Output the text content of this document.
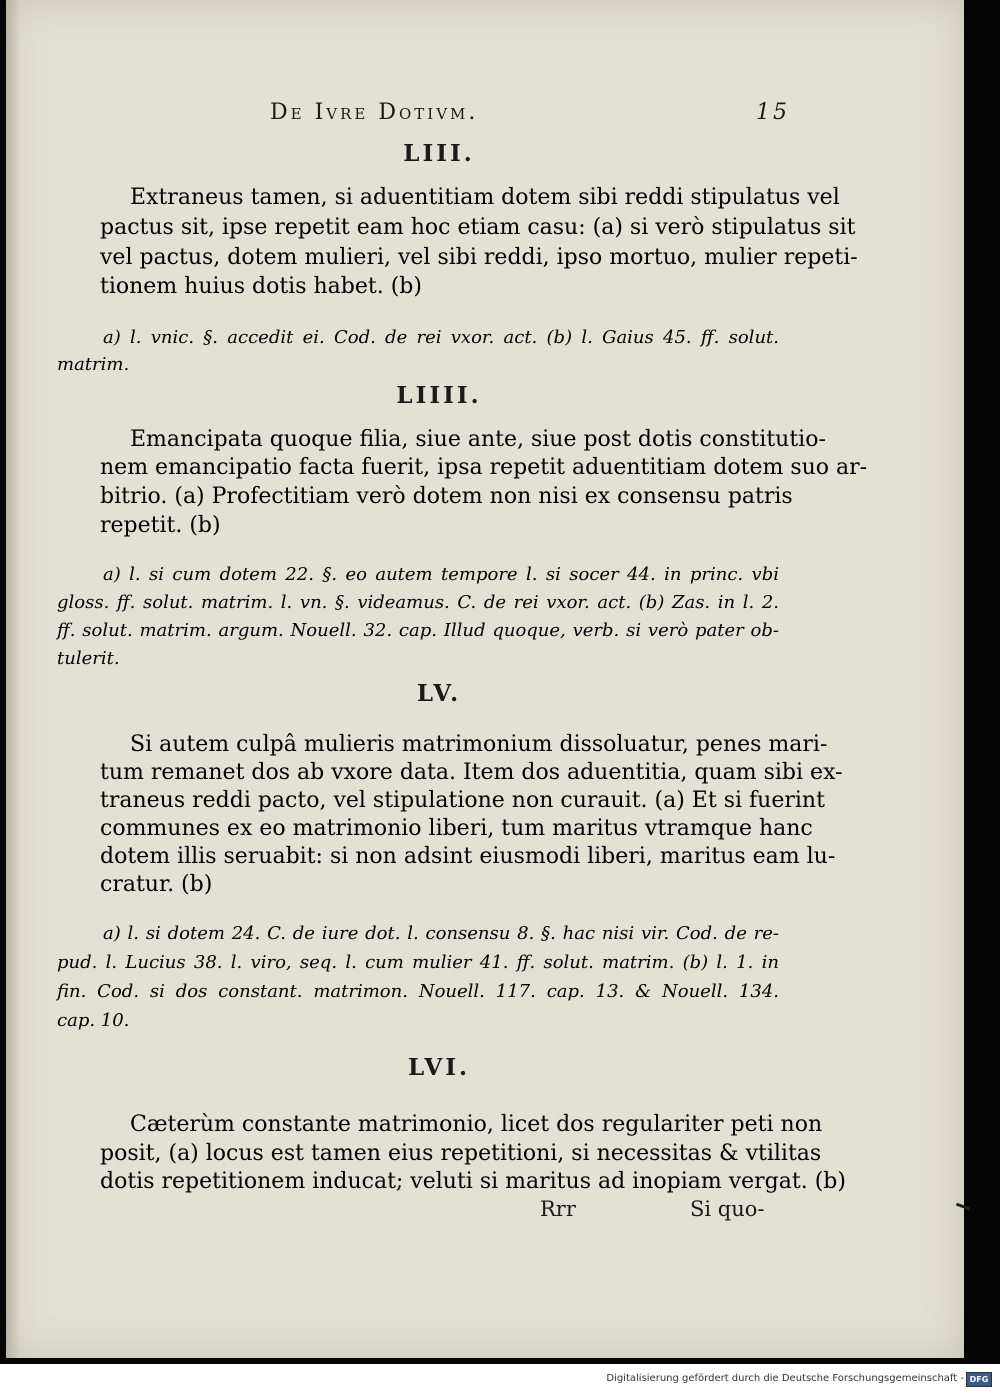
De Ivre Dotivm.	15
LIII.
Extraneus tamen, si aduentitiam dotem sibi reddi stipulatus vel
pactus sit, ipse repetit eam hoc etiam casu: (a) si verò stipulatus sit
vel pactus, dotem mulieri, vel sibi reddi, ipso mortuo, mulier repeti-
tionem huius dotis habet. (b)
a) l. vnic. §. accedit ei. Cod. de rei vxor. act. (b) l. Gaius 45. ff. solut.
matrim.
LIIII.
Emancipata quoque filia, siue ante, siue post dotis constitutio-
nem emancipatio facta fuerit, ipsa repetit aduentitiam dotem suo ar-
bitrio. (a) Profectitiam verò dotem non nisi ex consensu patris
repetit. (b)
a) l. si cum dotem 22. §. eo autem tempore l. si socer 44. in princ. vbi
gloss. ff. solut. matrim. l. vn. §. videamus. C. de rei vxor. act. (b) Zas. in l. 2.
ff. solut. matrim. argum. Nouell. 32. cap. Illud quoque, verb. si verò pater ob-
tulerit.
LV.
Si autem culpâ mulieris matrimonium dissoluatur, penes mari-
tum remanet dos ab vxore data. Item dos aduentitia, quam sibi ex-
traneus reddi pacto, vel stipulatione non curauit. (a) Et si fuerint
communes ex eo matrimonio liberi, tum maritus vtramque hanc
dotem illis seruabit: si non adsint eiusmodi liberi, maritus eam lu-
cratur. (b)
a) l. si dotem 24. C. de iure dot. l. consensu 8. §. hac nisi vir. Cod. de re-
pud. l. Lucius 38. l. viro, seq. l. cum mulier 41. ff. solut. matrim. (b) l. 1. in
fin. Cod. si dos constant. matrimon. Nouell. 117. cap. 13. & Nouell. 134.
cap. 10.
LVI.
Cæterùm constante matrimonio, licet dos regulariter peti non
posit, (a) locus est tamen eius repetitioni, si necessitas & vtilitas
dotis repetitionem inducat; veluti si maritus ad inopiam vergat. (b)
Rrr	Si quo-
Digitalisierung gefördert durch die Deutsche Forschungsgemeinschaft - DFG
